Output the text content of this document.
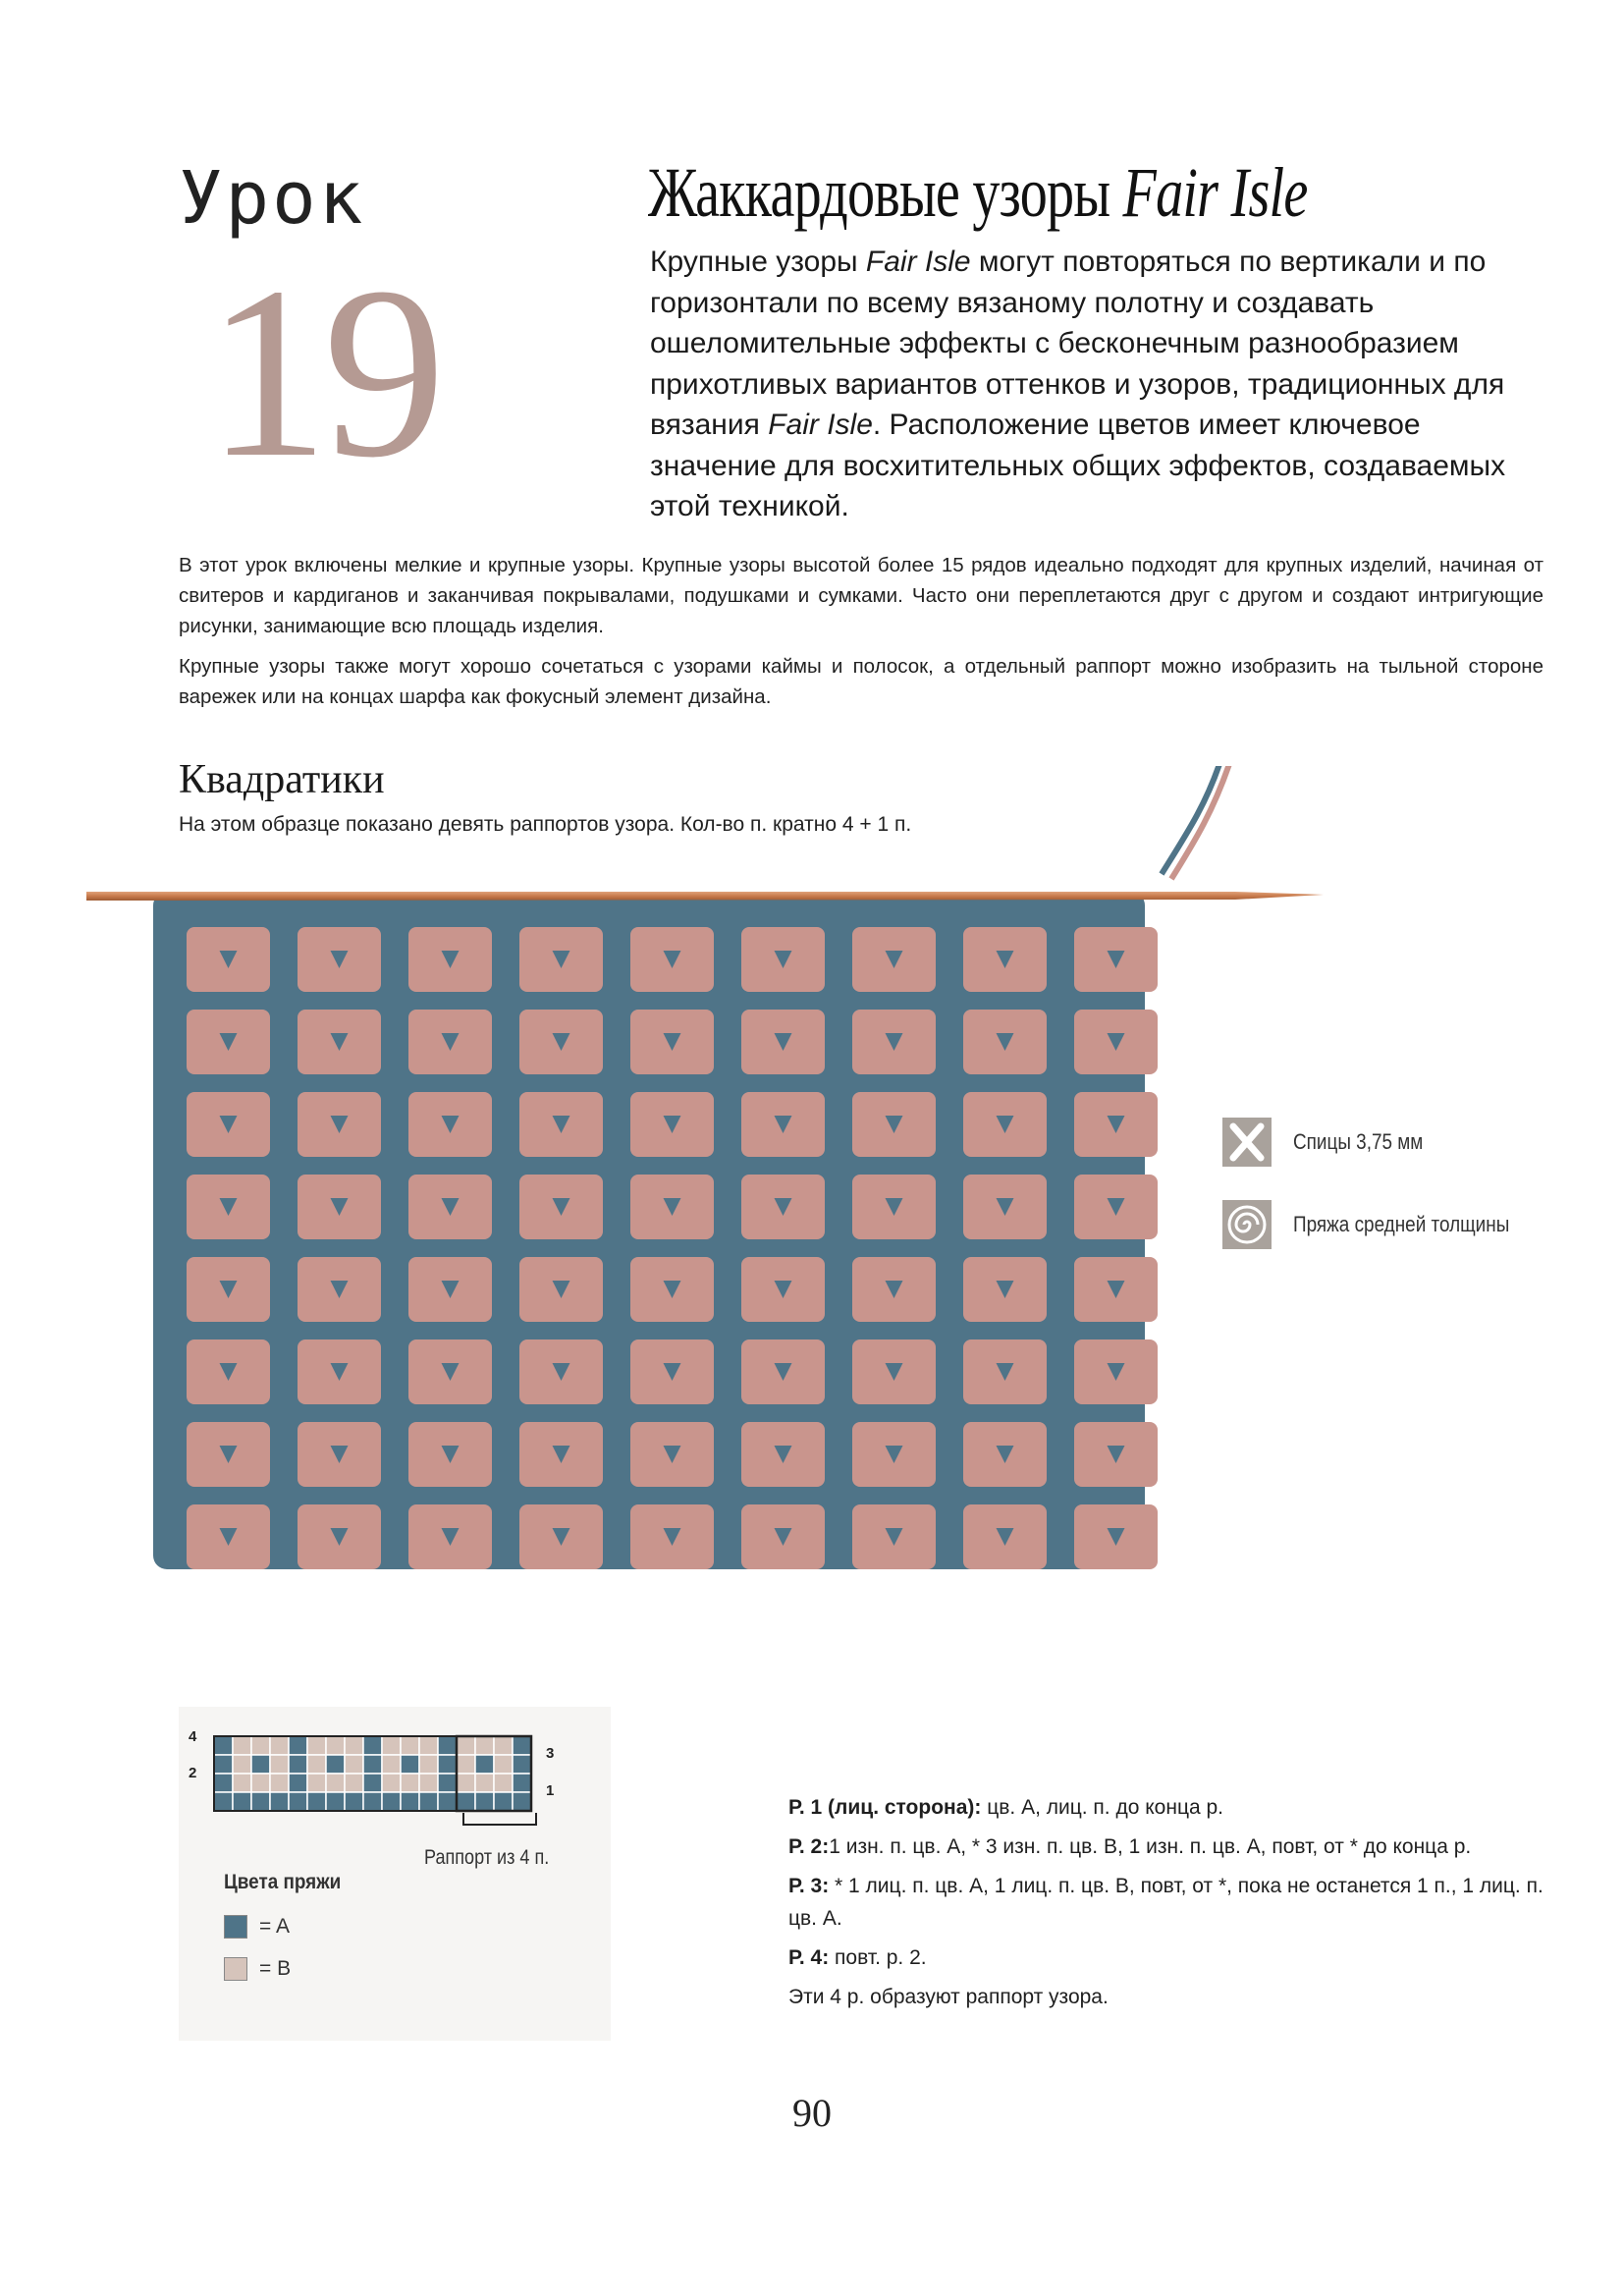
Урок
19
Жаккардовые узоры Fair Isle
Крупные узоры Fair Isle могут повторяться по вертикали и по горизонтали по всему вязаному полотну и создавать ошеломительные эффекты с бесконечным разнообразием прихотливых вариантов оттенков и узоров, традиционных для вязания Fair Isle. Расположение цветов имеет ключевое значение для восхитительных общих эффектов, создаваемых этой техникой.
В этот урок включены мелкие и крупные узоры. Крупные узоры высотой более 15 рядов идеально подходят для крупных изделий, начиная от свитеров и кардиганов и заканчивая покрывалами, подушками и сумками. Часто они переплетаются друг с другом и создают интригующие рисунки, занимающие всю площадь изделия.
Крупные узоры также могут хорошо сочетаться с узорами каймы и полосок, а отдельный раппорт можно изобразить на тыльной стороне варежек или на концах шарфа как фокусный элемент дизайна.
Квадратики
На этом образце показано девять раппортов узора. Кол-во п. кратно 4 + 1 п.
Спицы 3,75 мм
Пряжа средней толщины
4
2
3
1
Раппорт из 4 п.
Цвета пряжи
= A
= B

Р. 1 (лиц. сторона): цв. А, лиц. п. до конца р.

Р. 2:1 изн. п. цв. А, * 3 изн. п. цв. В, 1 изн. п. цв. А, повт, от * до конца р.

Р. 3: * 1 лиц. п. цв. А, 1 лиц. п. цв. В, повт, от *, пока не останется 1 п., 1 лиц. п. цв. А.

Р. 4: повт. р. 2.

Эти 4 р. образуют раппорт узора.

90
